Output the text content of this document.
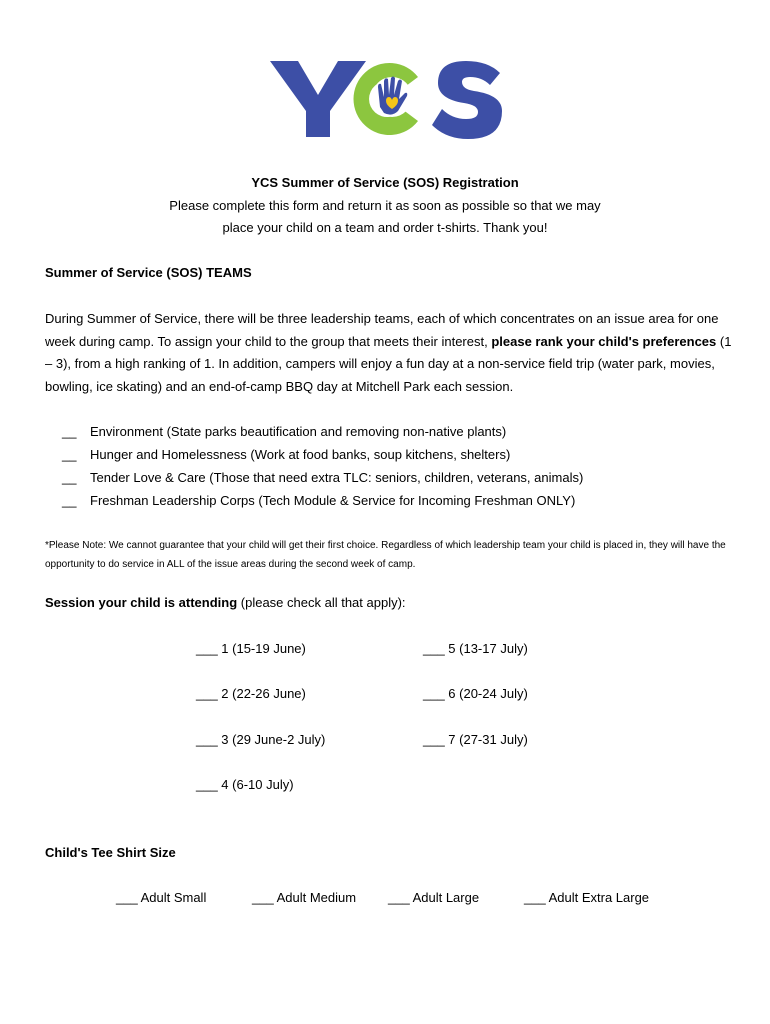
YCS Summer of Service (SOS) Registration
Please complete this form and return it as soon as possible so that we may
place your child on a team and order t-shirts. Thank you!
Summer of Service (SOS) TEAMS
During Summer of Service, there will be three leadership teams, each of which concentrates on an issue area for one week during camp. To assign your child to the group that meets their interest, please rank your child's preferences (1 – 3), from a high ranking of 1. In addition, campers will enjoy a fun day at a non-service field trip (water park, movies, bowling, ice skating) and an end-of-camp BBQ day at Mitchell Park each session.
__ Environment (State parks beautification and removing non-native plants)
__ Hunger and Homelessness (Work at food banks, soup kitchens, shelters)
__ Tender Love & Care (Those that need extra TLC: seniors, children, veterans, animals)
__ Freshman Leadership Corps (Tech Module & Service for Incoming Freshman ONLY)
*Please Note: We cannot guarantee that your child will get their first choice. Regardless of which leadership team your child is placed in, they will have the opportunity to do service in ALL of the issue areas during the second week of camp.
Session your child is attending (please check all that apply):
___ 1 (15-19 June)	___ 5 (13-17 July)
___ 2 (22-26 June)	___ 6 (20-24 July)
___ 3 (29 June-2 July)	___ 7 (27-31 July)
___ 4 (6-10 July)
Child's Tee Shirt Size
___ Adult Small	___ Adult Medium ___ Adult Large	___ Adult Extra Large
